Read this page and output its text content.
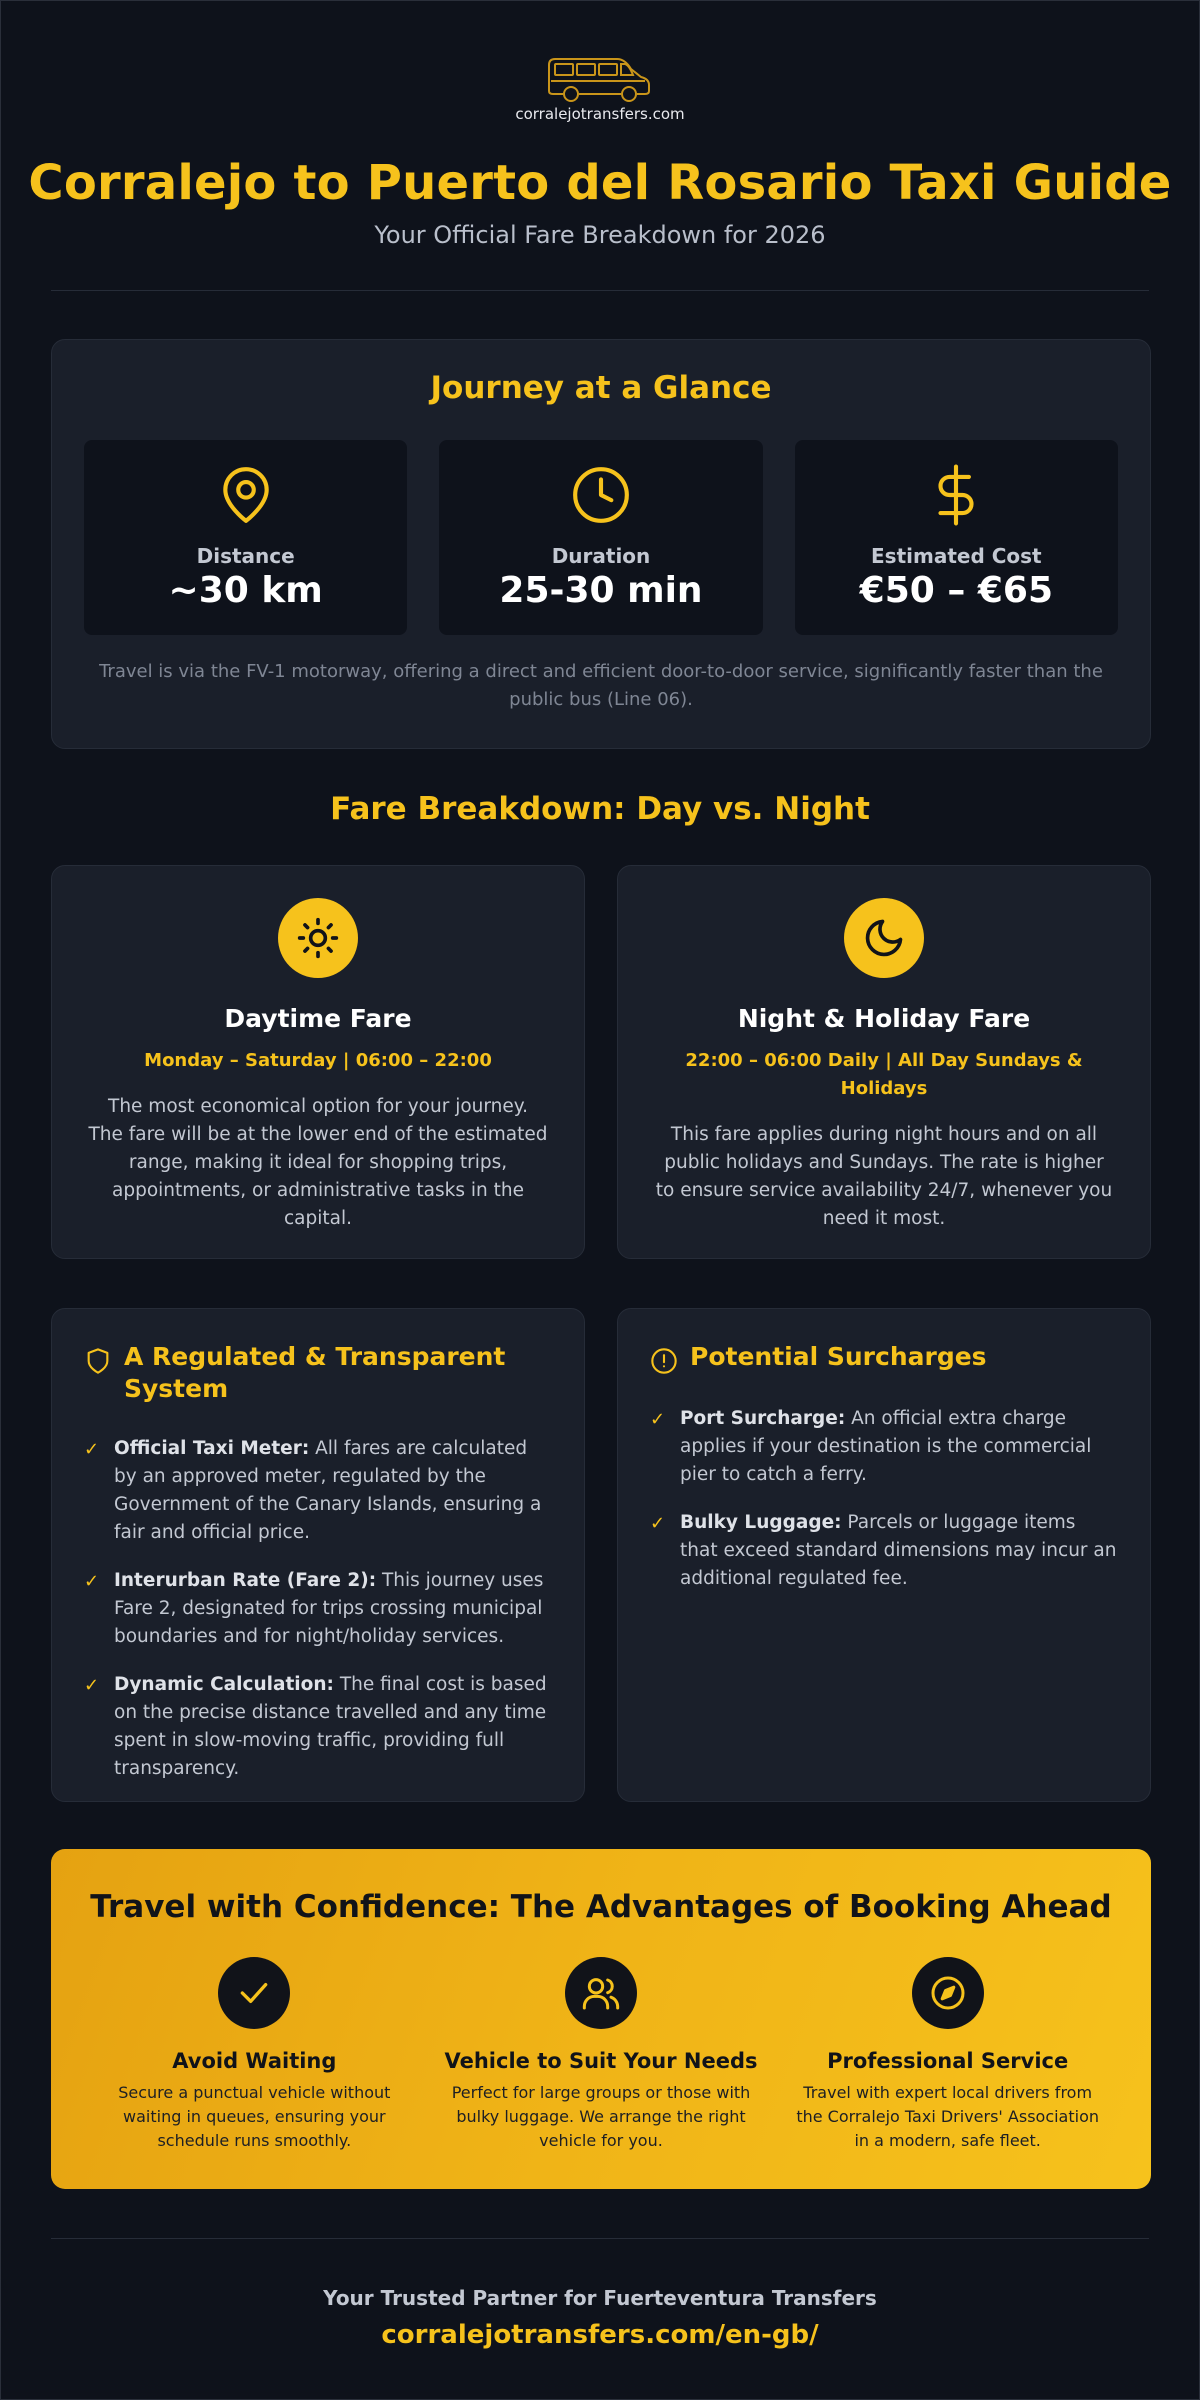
corralejotransfers.com
Corralejo to Puerto del Rosario Taxi Guide
Your Official Fare Breakdown for 2026
Journey at a Glance
Distance
~30 km
Duration
25-30 min
Estimated Cost
€50 – €65
Travel is via the FV-1 motorway, offering a direct and efficient door-to-door service, significantly faster than the public bus (Line 06).
Fare Breakdown: Day vs. Night
Daytime Fare
Monday – Saturday | 06:00 – 22:00
The most economical option for your journey. The fare will be at the lower end of the estimated range, making it ideal for shopping trips, appointments, or administrative tasks in the capital.
Night & Holiday Fare
22:00 – 06:00 Daily | All Day Sundays & Holidays
This fare applies during night hours and on all public holidays and Sundays. The rate is higher to ensure service availability 24/7, whenever you need it most.
A Regulated & Transparent System
✓ Official Taxi Meter: All fares are calculated by an approved meter, regulated by the Government of the Canary Islands, ensuring a fair and official price.
✓ Interurban Rate (Fare 2): This journey uses Fare 2, designated for trips crossing municipal boundaries and for night/holiday services.
✓ Dynamic Calculation: The final cost is based on the precise distance travelled and any time spent in slow-moving traffic, providing full transparency.
Potential Surcharges
✓ Port Surcharge: An official extra charge applies if your destination is the commercial pier to catch a ferry.
✓ Bulky Luggage: Parcels or luggage items that exceed standard dimensions may incur an additional regulated fee.
Travel with Confidence: The Advantages of Booking Ahead
Avoid Waiting
Secure a punctual vehicle without waiting in queues, ensuring your schedule runs smoothly.
Vehicle to Suit Your Needs
Perfect for large groups or those with bulky luggage. We arrange the right vehicle for you.
Professional Service
Travel with expert local drivers from the Corralejo Taxi Drivers' Association in a modern, safe fleet.
Your Trusted Partner for Fuerteventura Transfers
corralejotransfers.com/en-gb/
